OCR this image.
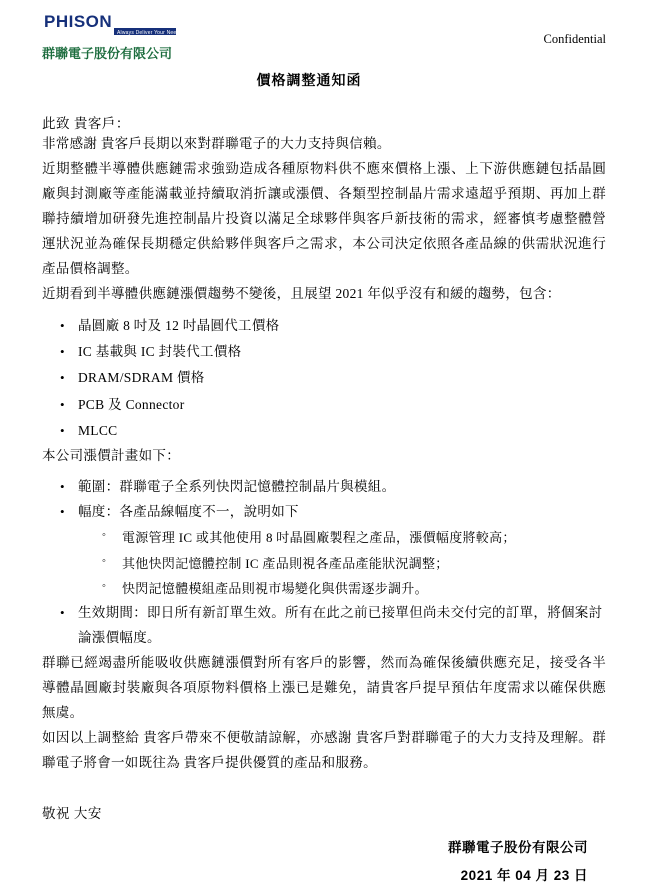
PHISON
Always Deliver Your Need
群聯電子股份有限公司
Confidential
價格調整通知函
此致 貴客戶：

非常感謝 貴客戶長期以來對群聯電子的大力支持與信賴。

近期整體半導體供應鏈需求強勁造成各種原物料供不應來價格上漲、上下游供應鏈包括晶圓廠與封測廠等產能滿載並持續取消折讓或漲價、各類型控制晶片需求遠超乎預期、再加上群聯持續增加研發先進控制晶片投資以滿足全球夥伴與客戶新技術的需求，經審慎考慮整體營運狀況並為確保長期穩定供給夥伴與客戶之需求，本公司決定依照各產品線的供需狀況進行產品價格調整。

近期看到半導體供應鏈漲價趨勢不變後，且展望 2021 年似乎沒有和緩的趨勢，包含：

• 晶圓廠 8 吋及 12 吋晶圓代工價格
• IC 基載與 IC 封裝代工價格
• DRAM/SDRAM 價格
• PCB 及 Connector
• MLCC

本公司漲價計畫如下：

• 範圍：群聯電子全系列快閃記憶體控制晶片與模組。
• 幅度：各產品線幅度不一，說明如下
◦ 電源管理 IC 或其他使用 8 吋晶圓廠製程之產品，漲價幅度將較高；
◦ 其他快閃記憶體控制 IC 產品則視各產品產能狀況調整；
◦ 快閃記憶體模組產品則視市場變化與供需逐步調升。
• 生效期間：即日所有新訂單生效。所有在此之前已接單但尚未交付完的訂單，將個案討論漲價幅度。

群聯已經竭盡所能吸收供應鏈漲價對所有客戶的影響，然而為確保後續供應充足，接受各半導體晶圓廠封裝廠與各項原物料價格上漲已是難免，請貴客戶提早預估年度需求以確保供應無虞。

如因以上調整給 貴客戶帶來不便敬請諒解，亦感謝 貴客戶對群聯電子的大力支持及理解。群聯電子將會一如既往為 貴客戶提供優質的產品和服務。

敬祝 大安
群聯電子股份有限公司
2021 年 04 月 23 日
